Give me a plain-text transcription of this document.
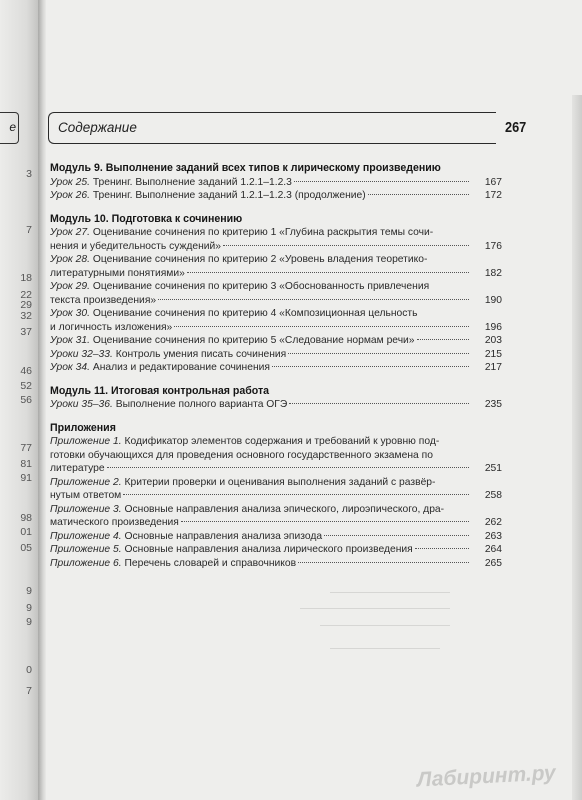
е
3
7
18
22
29
32
37
46
52
56
77
81
91
98
01
05
9
9
9
0
7
Содержание	267
Модуль 9. Выполнение заданий всех типов к лирическому произведению
Урок 25. Тренинг. Выполнение заданий 1.2.1–1.2.3	167
Урок 26. Тренинг. Выполнение заданий 1.2.1–1.2.3 (продолжение)	172
Модуль 10. Подготовка к сочинению
Урок 27. Оценивание сочинения по критерию 1 «Глубина раскрытия темы сочи-
нения и убедительность суждений»	176
Урок 28. Оценивание сочинения по критерию 2 «Уровень владения теоретико-
литературными понятиями»	182
Урок 29. Оценивание сочинения по критерию 3 «Обоснованность привлечения
текста произведения»	190
Урок 30. Оценивание сочинения по критерию 4 «Композиционная цельность
и логичность изложения»	196
Урок 31. Оценивание сочинения по критерию 5 «Следование нормам речи»	203
Уроки 32–33. Контроль умения писать сочинения	215
Урок 34. Анализ и редактирование сочинения	217
Модуль 11. Итоговая контрольная работа
Уроки 35–36. Выполнение полного варианта ОГЭ	235
Приложения
Приложение 1. Кодификатор элементов содержания и требований к уровню под-
готовки обучающихся для проведения основного государственного экзамена по
литературе	251
Приложение 2. Критерии проверки и оценивания выполнения заданий с развёр-
нутым ответом	258
Приложение 3. Основные направления анализа эпического, лироэпического, дра-
матического произведения	262
Приложение 4. Основные направления анализа эпизода	263
Приложение 5. Основные направления анализа лирического произведения	264
Приложение 6. Перечень словарей и справочников	265
Лабиринт.ру
